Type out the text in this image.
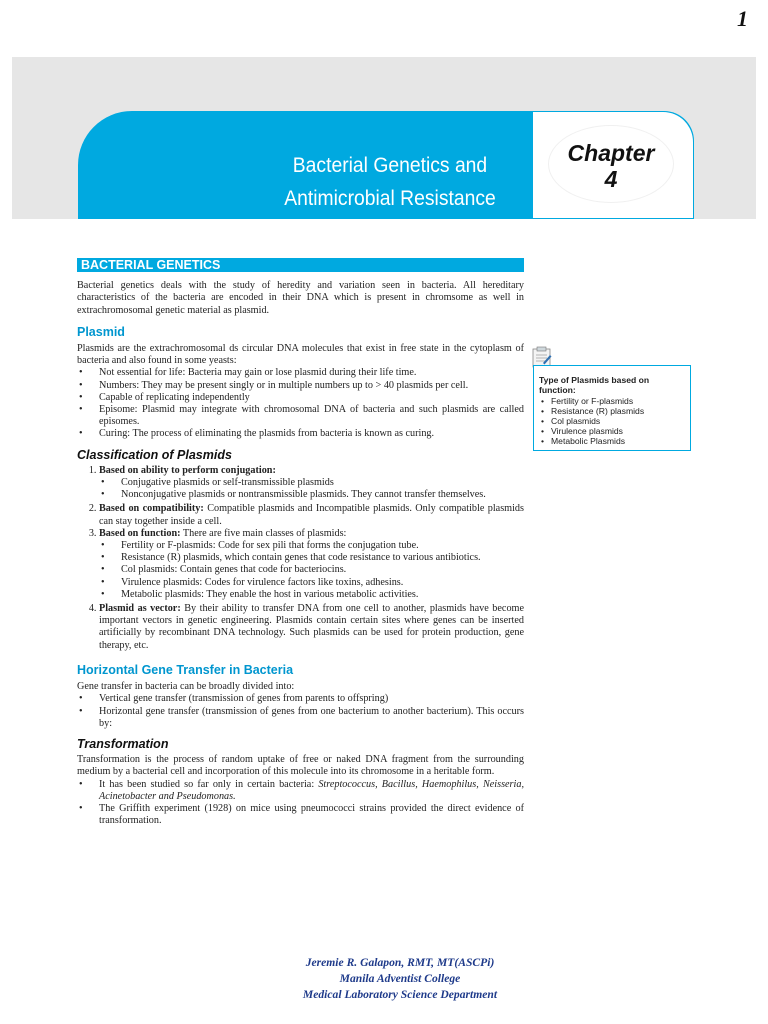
1
Bacterial Genetics and
Antimicrobial Resistance
Chapter
4
BACTERIAL GENETICS

Bacterial genetics deals with the study of heredity and variation seen in bacteria. All hereditary characteristics of the bacteria are encoded in their DNA which is present in chromsome as well in extrachromosomal genetic material as plasmid.

Plasmid

Plasmids are the extrachromosomal ds circular DNA molecules that exist in free state in the cytoplasm of bacteria and also found in some yeasts:

• Not essential for life: Bacteria may gain or lose plasmid during their life time.
• Numbers: They may be present singly or in multiple numbers up to > 40 plasmids per cell.
• Capable of replicating independently
• Episome: Plasmid may integrate with chromosomal DNA of bacteria and such plasmids are called episomes.
• Curing: The process of eliminating the plasmids from bacteria is known as curing.
Classification of Plasmids
1. Based on ability to perform conjugation:
• Conjugative plasmids or self-transmissible plasmids
• Nonconjugative plasmids or nontransmissible plasmids. They cannot transfer themselves.
2. Based on compatibility: Compatible plasmids and Incompatible plasmids. Only compatible plasmids can stay together inside a cell.
3. Based on function: There are five main classes of plasmids:
• Fertility or F-plasmids: Code for sex pili that forms the conjugation tube.
• Resistance (R) plasmids, which contain genes that code resistance to various antibiotics.
• Col plasmids: Contain genes that code for bacteriocins.
• Virulence plasmids: Codes for virulence factors like toxins, adhesins.
• Metabolic plasmids: They enable the host in various metabolic activities.
4. Plasmid as vector: By their ability to transfer DNA from one cell to another, plasmids have become important vectors in genetic engineering. Plasmids contain certain sites where genes can be inserted artificially by recombinant DNA technology. Such plasmids can be used for protein production, gene therapy, etc.
Horizontal Gene Transfer in Bacteria

Gene transfer in bacteria can be broadly divided into:

• Vertical gene transfer (transmission of genes from parents to offspring)
• Horizontal gene transfer (transmission of genes from one bacterium to another bacterium). This occurs by:
Transformation

Transformation is the process of random uptake of free or naked DNA fragment from the surrounding medium by a bacterial cell and incorporation of this molecule into its chromosome in a heritable form.

• It has been studied so far only in certain bacteria: Streptococcus, Bacillus, Haemophilus, Neisseria, Acinetobacter and Pseudomonas.
• The Griffith experiment (1928) on mice using pneumococci strains provided the direct evidence of transformation.
Type of Plasmids based on function:
• Fertility or F-plasmids
• Resistance (R) plasmids
• Col plasmids
• Virulence plasmids
• Metabolic Plasmids
Jeremie R. Galapon, RMT, MT(ASCPi)
Manila Adventist College
Medical Laboratory Science Department
